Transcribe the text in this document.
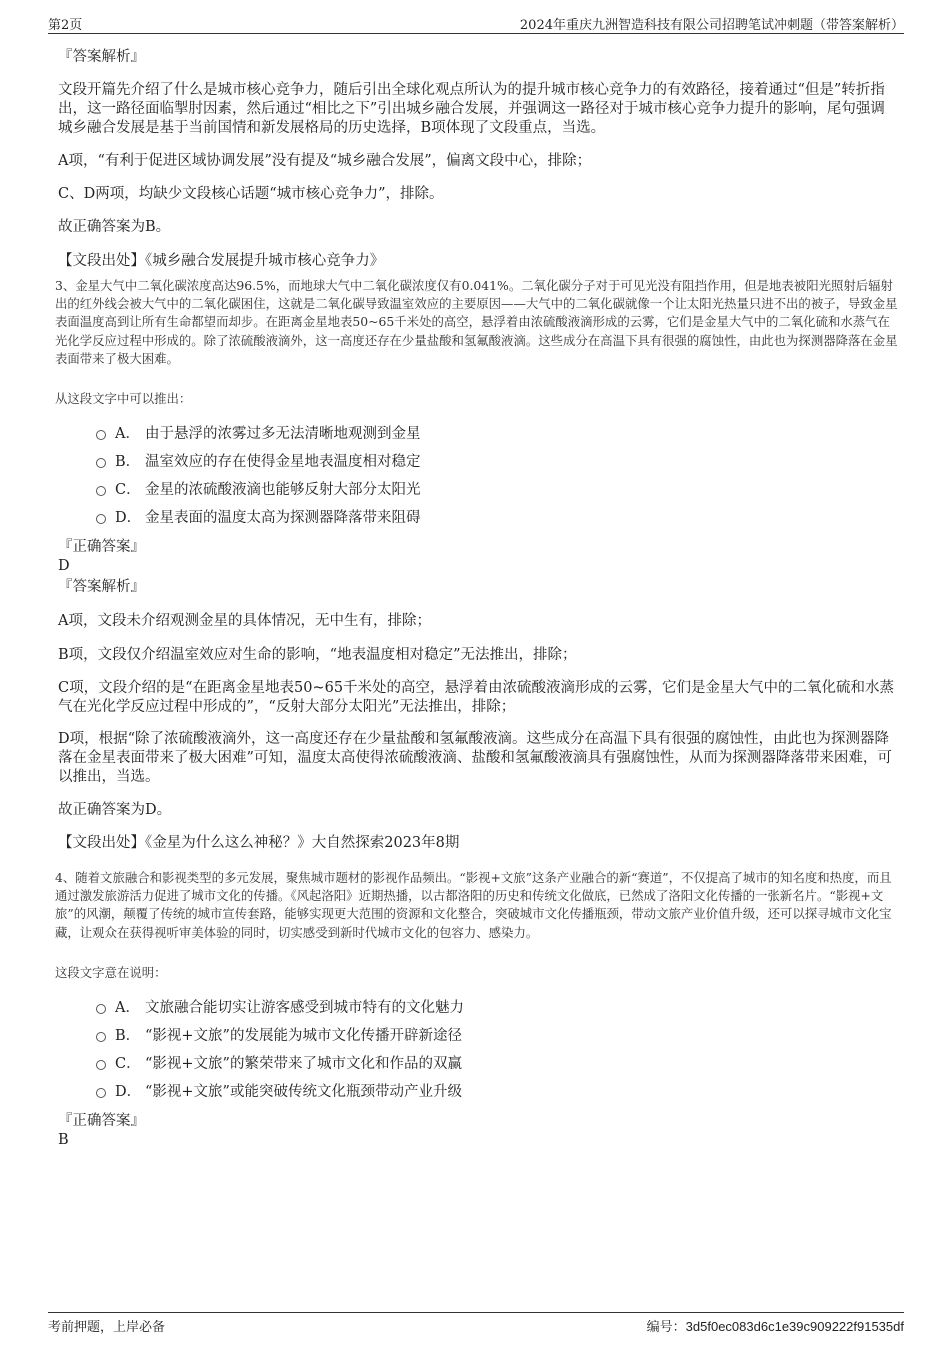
第2页	2024年重庆九洲智造科技有限公司招聘笔试冲刺题（带答案解析）
『答案解析』
文段开篇先介绍了什么是城市核心竞争力，随后引出全球化观点所认为的提升城市核心竞争力的有效路径，接着通过“但是”转折指出，这一路径面临掣肘因素，然后通过“相比之下”引出城乡融合发展，并强调这一路径对于城市核心竞争力提升的影响，尾句强调城乡融合发展是基于当前国情和新发展格局的历史选择，B项体现了文段重点，当选。
A项，“有利于促进区域协调发展”没有提及“城乡融合发展”，偏离文段中心，排除；
C、D两项，均缺少文段核心话题“城市核心竞争力”，排除。
故正确答案为B。
【文段出处】《城乡融合发展提升城市核心竞争力》
3、金星大气中二氧化碳浓度高达96.5%，而地球大气中二氧化碳浓度仅有0.041%。二氧化碳分子对于可见光没有阻挡作用，但是地表被阳光照射后辐射出的红外线会被大气中的二氧化碳困住，这就是二氧化碳导致温室效应的主要原因——大气中的二氧化碳就像一个让太阳光热量只进不出的被子，导致金星表面温度高到让所有生命都望而却步。在距离金星地表50~65千米处的高空，悬浮着由浓硫酸液滴形成的云雾，它们是金星大气中的二氧化硫和水蒸气在光化学反应过程中形成的。除了浓硫酸液滴外，这一高度还存在少量盐酸和氢氟酸液滴。这些成分在高温下具有很强的腐蚀性，由此也为探测器降落在金星表面带来了极大困难。
从这段文字中可以推出：
A． 由于悬浮的浓雾过多无法清晰地观测到金星
B． 温室效应的存在使得金星地表温度相对稳定
C． 金星的浓硫酸液滴也能够反射大部分太阳光
D． 金星表面的温度太高为探测器降落带来阻碍
『正确答案』
D
『答案解析』
A项，文段未介绍观测金星的具体情况，无中生有，排除；
B项，文段仅介绍温室效应对生命的影响，“地表温度相对稳定”无法推出，排除；
C项，文段介绍的是“在距离金星地表50~65千米处的高空，悬浮着由浓硫酸液滴形成的云雾，它们是金星大气中的二氧化硫和水蒸气在光化学反应过程中形成的”，“反射大部分太阳光”无法推出，排除；
D项，根据“除了浓硫酸液滴外，这一高度还存在少量盐酸和氢氟酸液滴。这些成分在高温下具有很强的腐蚀性，由此也为探测器降落在金星表面带来了极大困难”可知，温度太高使得浓硫酸液滴、盐酸和氢氟酸液滴具有强腐蚀性，从而为探测器降落带来困难，可以推出，当选。
故正确答案为D。
【文段出处】《金星为什么这么神秘？》大自然探索2023年8期
4、随着文旅融合和影视类型的多元发展，聚焦城市题材的影视作品频出。“影视+文旅”这条产业融合的新“赛道”，不仅提高了城市的知名度和热度，而且通过激发旅游活力促进了城市文化的传播。《风起洛阳》近期热播，以古都洛阳的历史和传统文化做底，已然成了洛阳文化传播的一张新名片。“影视+文旅”的风潮，颠覆了传统的城市宣传套路，能够实现更大范围的资源和文化整合，突破城市文化传播瓶颈，带动文旅产业价值升级，还可以探寻城市文化宝藏，让观众在获得视听审美体验的同时，切实感受到新时代城市文化的包容力、感染力。
这段文字意在说明：
A． 文旅融合能切实让游客感受到城市特有的文化魅力
B． “影视+文旅”的发展能为城市文化传播开辟新途径
C． “影视+文旅”的繁荣带来了城市文化和作品的双赢
D． “影视+文旅”或能突破传统文化瓶颈带动产业升级
『正确答案』
B
考前押题，上岸必备	编号：3d5f0ec083d6c1e39c909222f91535df
